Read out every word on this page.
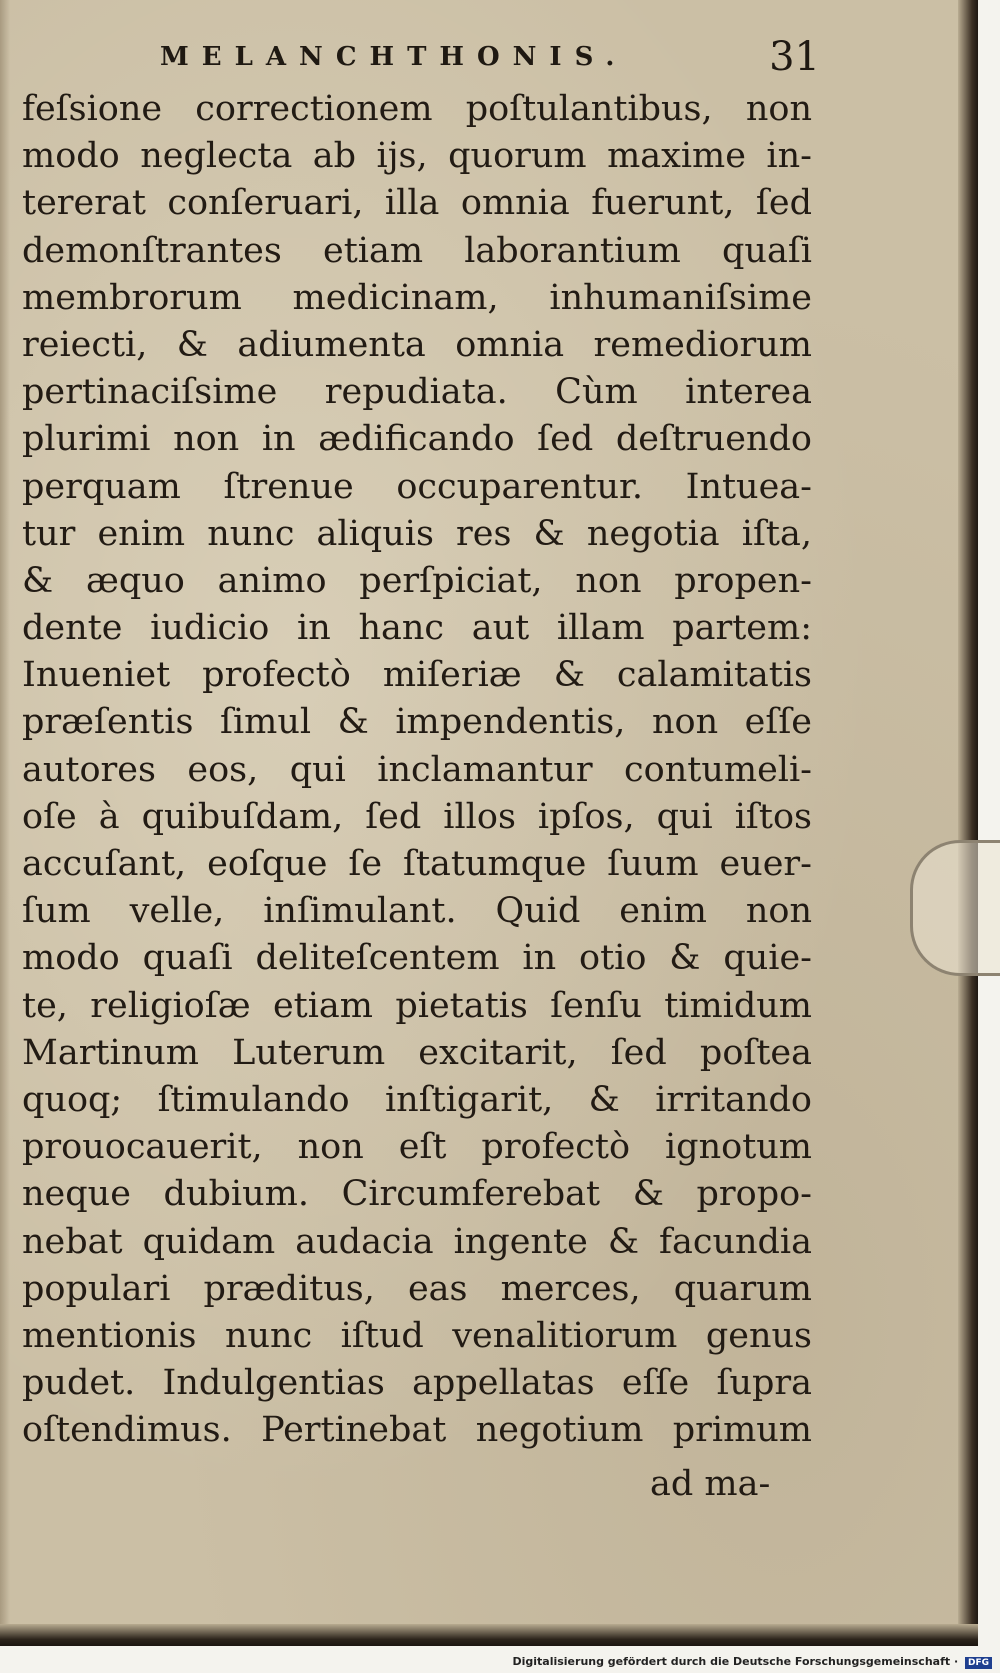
MELANCHTHONIS.	31
feſsione correctionem poſtulantibus, non
modo neglecta ab ijs, quorum maxime in-
tererat conſeruari, illa omnia fuerunt, ſed
demonſtrantes etiam laborantium quaſi
membrorum medicinam, inhumaniſsime
reiecti, & adiumenta omnia remediorum
pertinaciſsime repudiata. Cùm interea
plurimi non in ædificando ſed deſtruendo
perquam ſtrenue occuparentur. Intuea-
tur enim nunc aliquis res & negotia iſta,
& æquo animo perſpiciat, non propen-
dente iudicio in hanc aut illam partem:
Inueniet profectò miſeriæ & calamitatis
præſentis ſimul & impendentis, non eſſe
autores eos, qui inclamantur contumeli-
oſe à quibuſdam, ſed illos ipſos, qui iſtos
accuſant, eoſque ſe ſtatumque ſuum euer-
ſum velle, inſimulant. Quid enim non
modo quaſi deliteſcentem in otio & quie-
te, religioſæ etiam pietatis ſenſu timidum
Martinum Luterum excitarit, ſed poſtea
quoq; ſtimulando inſtigarit, & irritando
prouocauerit, non eſt profectò ignotum
neque dubium. Circumferebat & propo-
nebat quidam audacia ingente & facundia
populari præditus, eas merces, quarum
mentionis nunc iſtud venalitiorum genus
pudet. Indulgentias appellatas eſſe ſupra
oſtendimus. Pertinebat negotium primum
ad ma-
Digitalisierung gefördert durch die Deutsche Forschungsgemeinschaft · DFG
